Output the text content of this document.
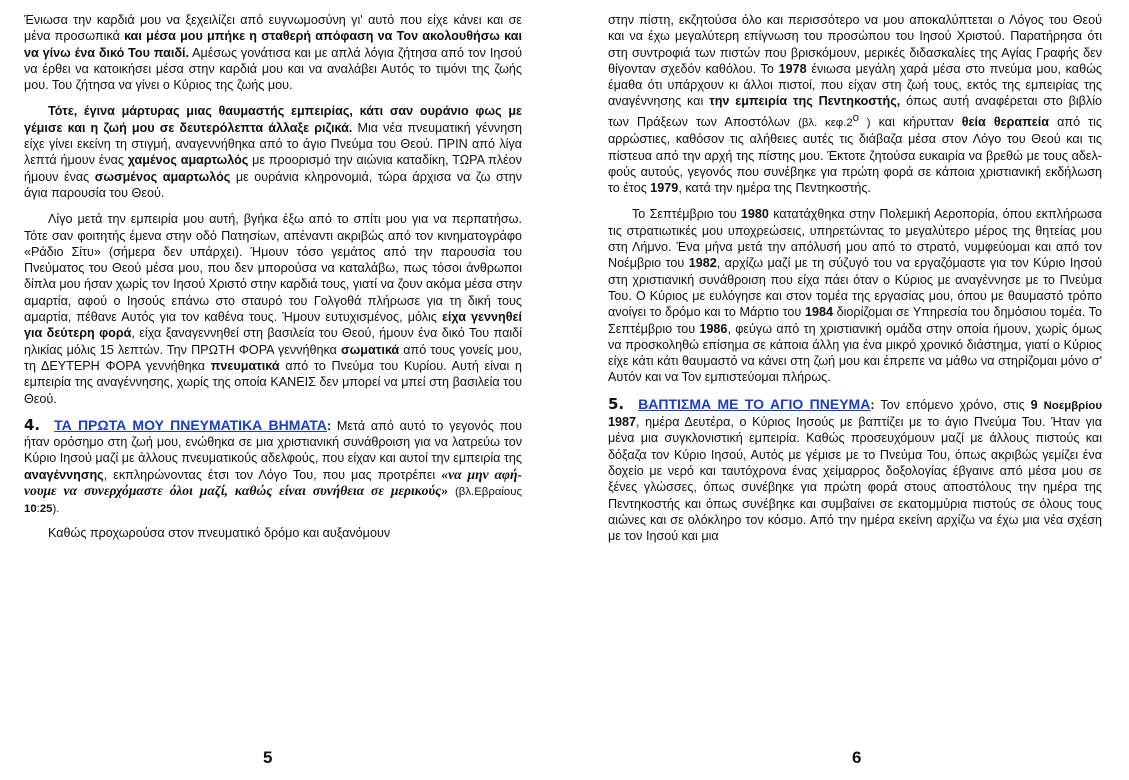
Ένιωσα την καρδιά μου να ξεχειλίζει από ευγνωμοσύνη γι' αυτό που είχε κάνει και σε μένα προσωπικά και μέσα μου μπήκε η σταθερή απόφαση να Τον ακολουθήσω και να γίνω ένα δικό Του παιδί. Αμέσως γονάτισα και με απλά λόγια ζήτησα από τον Ιησού να έρθει να κατοικήσει μέσα στην καρδιά μου και να αναλάβει Αυτός το τιμόνι της ζωής μου. Του ζήτησα να γίνει ο Κύριος της ζωής μου.

Τότε, έγινα μάρτυρας μιας θαυμαστής εμπειρίας, κάτι σαν ουράνιο φως με γέμισε και η ζωή μου σε δευτερόλεπτα άλλαξε ριζικά. Μια νέα πνευματική γέννηση είχε γίνει εκείνη τη στιγμή, αναγεννήθηκα από το άγιο Πνεύμα του Θεού. ΠΡΙΝ από λίγα λεπτά ήμουν ένας χαμένος αμαρτωλός με προορισμό την αιώνια καταδίκη, ΤΩΡΑ πλέον ήμουν ένας σωσμένος αμαρτωλός με ουράνια κληρονομιά, τώρα άρχισα να ζω στην άγια παρουσία του Θεού.

Λίγο μετά την εμπειρία μου αυτή, βγήκα έξω από το σπίτι μου για να περπατήσω. Τότε σαν φοιτητής έμενα στην οδό Πατησίων, απέναντι ακριβώς από τον κινηματογράφο «Ράδιο Σίτυ» (σήμερα δεν υπάρχει). Ήμουν τόσο γεμάτος από την παρουσία του Πνεύματος του Θεού μέσα μου, που δεν μπορούσα να καταλάβω, πως τόσοι άνθρωποι δίπλα μου ήσαν χωρίς τον Ιησού Χριστό στην καρδιά τους, γιατί να ζουν ακόμα μέσα στην αμαρτία, αφού ο Ιησούς επάνω στο σταυρό του Γολγοθά πλήρωσε για τη δική τους αμαρτία, πέθανε Αυτός για τον καθένα τους. Ήμουν ευτυχισμένος, μόλις είχα γεννηθεί για δεύτερη φορά, είχα ξαναγεννηθεί στη βασιλεία του Θεού, ήμουν ένα δικό Του παιδί ηλικίας μόλις 15 λεπτών. Την ΠΡΩΤΗ ΦΟΡΑ γεννήθηκα σωματικά από τους γονείς μου, τη ΔΕΥΤΕΡΗ ΦΟΡΑ γεννήθηκα πνευματικά από το Πνεύμα του Κυρίου. Αυτή είναι η εμπειρία της αναγέννησης, χωρίς της οποία ΚΑΝΕΙΣ δεν μπορεί να μπεί στη βασιλεία του Θεού.

4. ΤΑ ΠΡΩΤΑ ΜΟΥ ΠΝΕΥΜΑΤΙΚΑ ΒΗΜΑΤΑ: Μετά από αυτό το γεγονός που ήταν ορόσημο στη ζωή μου, ενώθηκα σε μια χριστιανική συνάθροιση για να λατρεύω τον Κύριο Ιησού μαζί με άλλους πνευματικούς αδελφούς, που είχαν και αυτοί την εμπειρία της αναγέννησης, εκπληρώνοντας έτσι τον Λόγο Του, που μας προτρέπει «να μην αφήνουμε να συνερχόμαστε όλοι μαζί, καθώς είναι συνήθεια σε μερικούς» (βλ.Εβραίους 10:25).

Καθώς προχωρούσα στον πνευματικό δρόμο και αυξανόμουν

5

στην πίστη, εκζητούσα όλο και περισσότερο να μου αποκαλύπτεται ο Λόγος του Θεού και να έχω μεγαλύτερη επίγνωση του προσώπου του Ιησού Χριστού. Παρατήρησα ότι στη συντροφιά των πιστών που βρισκόμουν, μερικές διδασκαλίες της Αγίας Γραφής δεν θίγονταν σχεδόν καθόλου. Το 1978 ένιωσα μεγάλη χαρά μέσα στο πνεύμα μου, καθώς έμαθα ότι υπάρχουν κι άλλοι πιστοί, που είχαν στη ζωή τους, εκτός της εμπειρίας της αναγέννησης και την εμπειρία της Πεντηκοστής, όπως αυτή αναφέρεται στο βιβλίο των Πράξεων των Αποστόλων (βλ. $\kappa\varepsilon\varphi.2^o$ ) και κήρυτταν θεία θεραπεία από τις αρρώστιες, καθόσον τις αλήθειες αυτές τις διάβαζα μέσα στον Λόγο του Θεού και τις πίστευα από την αρχή της πίστης μου. Έκτοτε ζητούσα ευκαιρία να βρεθώ με τους αδελφούς αυτούς, γεγονός που συνέβηκε για πρώτη φορά σε κάποια χριστιανική εκδήλωση το έτος 1979, κατά την ημέρα της Πεντηκοστής.

Το Σεπτέμβριο του 1980 κατατάχθηκα στην Πολεμική Αεροπορία, όπου εκπλήρωσα τις στρατιωτικές μου υποχρεώσεις, υπηρετώντας το μεγαλύτερο μέρος της θητείας μου στη Λήμνο. Ένα μήνα μετά την απόλυσή μου από το στρατό, νυμφεύομαι και από τον Νοέμβριο του 1982, αρχίζω μαζί με τη σύζυγό του να εργαζόμαστε για τον Κύριο Ιησού στη χριστιανική συνάθροιση που είχα πάει όταν ο Κύριος με αναγέννησε με το Πνεύμα Του. Ο Κύριος με ευλόγησε και στον τομέα της εργασίας μου, όπου με θαυμαστό τρόπο ανοίγει το δρόμο και το Μάρτιο του 1984 διορίζομαι σε Υπηρεσία του δημόσιου τομέα. Το Σεπτέμβριο του 1986, φεύγω από τη χριστιανική ομάδα στην οποία ήμουν, χωρίς όμως να προσκοληθώ επίσημα σε κάποια άλλη για ένα μικρό χρονικό διάστημα, γιατί ο Κύριος είχε κάτι κάτι θαυμαστό να κάνει στη ζωή μου και έπρεπε να μάθω να στηρίζομαι μόνο σ' Αυτόν και να Τον εμπιστεύομαι πλήρως.

5. ΒΑΠΤΙΣΜΑ ΜΕ ΤΟ ΑΓΙΟ ΠΝΕΥΜΑ: Τον επόμενο χρόνο, στις 9 Νοεμβρίου 1987, ημέρα Δευτέρα, ο Κύριος Ιησούς με βαπτίζει με το άγιο Πνεύμα Του. Ήταν για μένα μια συγκλονιστική εμπειρία. Καθώς προσευχόμουν μαζί με άλλους πιστούς και δόξαζα τον Κύριο Ιησού, Αυτός με γέμισε με το Πνεύμα Του, όπως ακριβώς γεμίζει ένα δοχείο με νερό και ταυτόχρονα ένας χείμαρρος δοξολογίας έβγαινε από μέσα μου σε ξένες γλώσσες, όπως συνέβηκε για πρώτη φορά στους αποστόλους την ημέρα της Πεντηκοστής και όπως συνέβηκε και συμβαίνει σε εκατομμύρια πιστούς σε όλους τους αιώνες και σε ολόκληρο τον κόσμο. Από την ημέρα εκείνη αρχίζω να έχω μια νέα σχέση με τον Ιησού και μια

6
